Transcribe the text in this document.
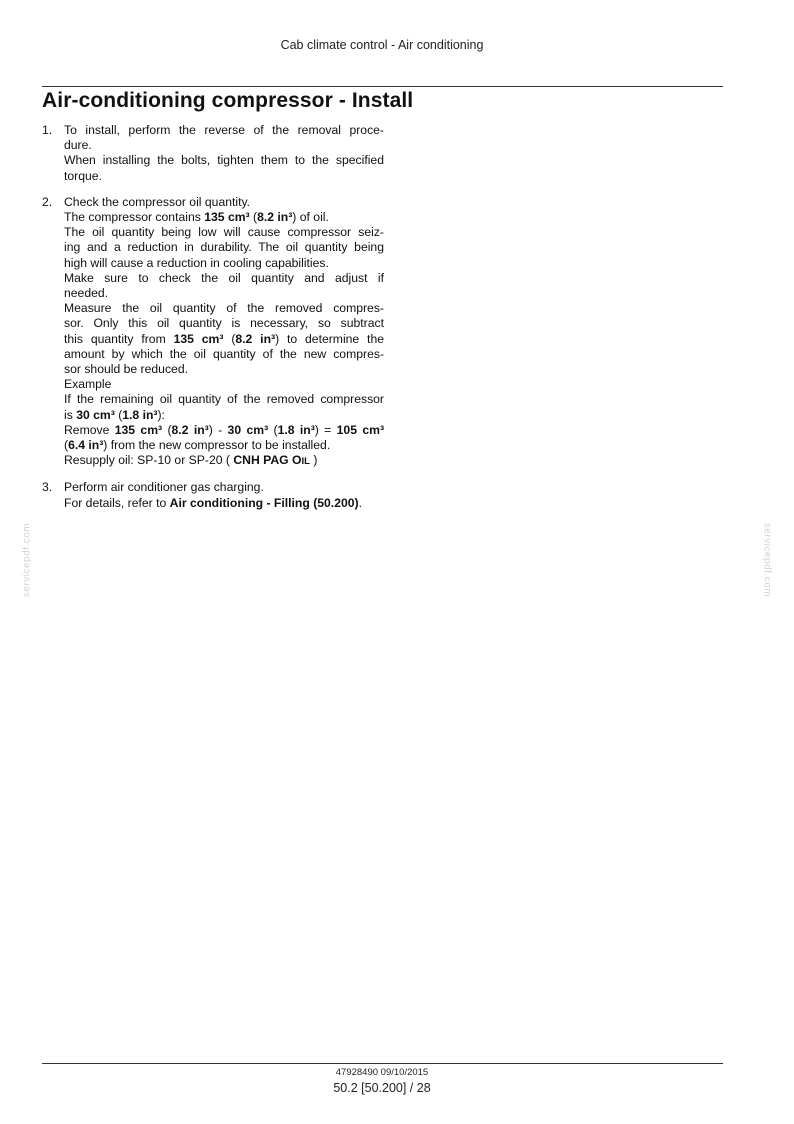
Cab climate control - Air conditioning
Air-conditioning compressor - Install
1. To install, perform the reverse of the removal proce-
dure.
When installing the bolts, tighten them to the specified
torque.
2. Check the compressor oil quantity.
The compressor contains 135 cm³ (8.2 in³) of oil.
The oil quantity being low will cause compressor seiz-
ing and a reduction in durability. The oil quantity being
high will cause a reduction in cooling capabilities.
Make sure to check the oil quantity and adjust if
needed.
Measure the oil quantity of the removed compres-
sor. Only this oil quantity is necessary, so subtract
this quantity from 135 cm³ (8.2 in³) to determine the
amount by which the oil quantity of the new compres-
sor should be reduced.
Example
If the remaining oil quantity of the removed compressor
is 30 cm³ (1.8 in³):
Remove 135 cm³ (8.2 in³) - 30 cm³ (1.8 in³) = 105 cm³
(6.4 in³) from the new compressor to be installed.
Resupply oil: SP-10 or SP-20 ( CNH PAG OIL )
3. Perform air conditioner gas charging.
For details, refer to Air conditioning - Filling (50.200).
servicepdf.com	servicepdf.com
47928490 09/10/2015
50.2 [50.200] / 28
